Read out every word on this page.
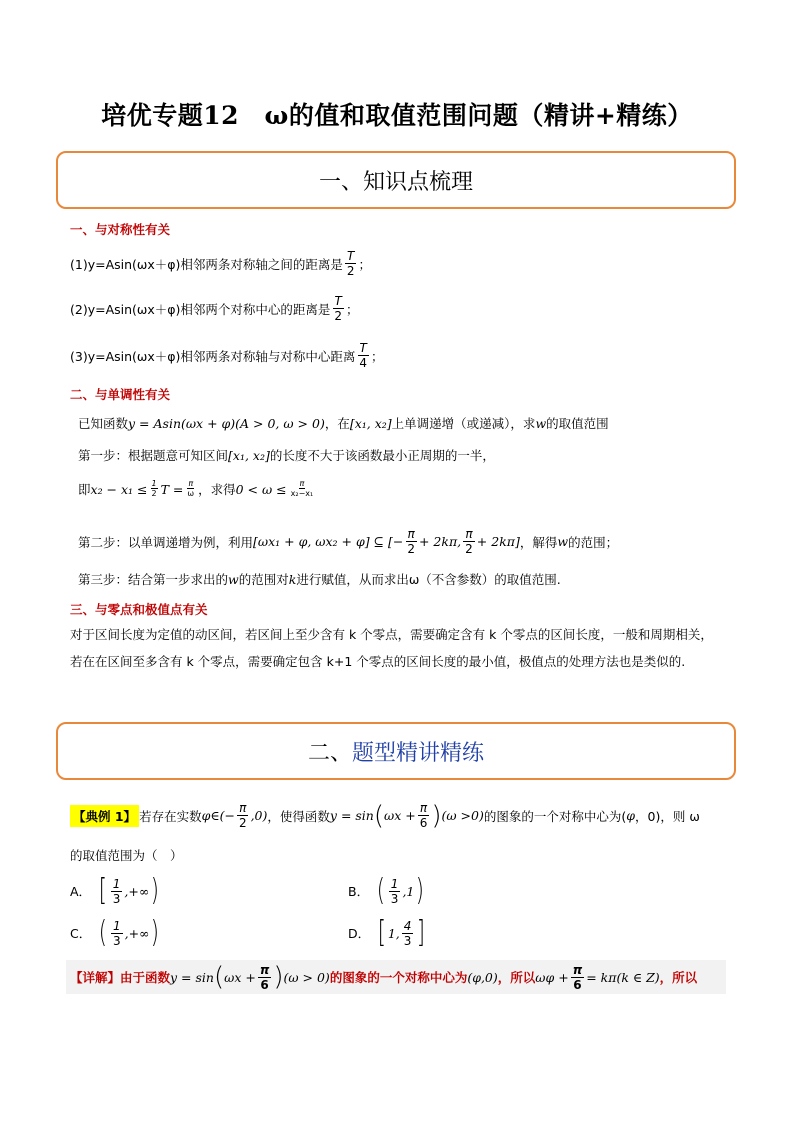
培优专题12　ω的值和取值范围问题（精讲+精练）
一、知识点梳理
一、与对称性有关
(1)y=Asin(ωx＋φ)相邻两条对称轴之间的距离是 $\frac{T}{2}$ ；
(2)y=Asin(ωx＋φ)相邻两个对称中心的距离是 $\frac{T}{2}$ ；
(3)y=Asin(ωx＋φ)相邻两条对称轴与对称中心距离 $\frac{T}{4}$ ；
二、与单调性有关
已知函数 y = Asin(ωx + φ)(A > 0, ω > 0) ，在 [x₁, x₂] 上单调递增（或递减），求 w 的取值范围
第一步：根据题意可知区间 [x₁, x₂] 的长度不大于该函数最小正周期的一半，
即 $x_2 - x_1 \le \frac{1}{2}$ $T = \frac{\pi}{\omega}$ ，求得 $0 < \omega \le \frac{\pi}{\text{x₂−x₁}}$
第二步：以单调递增为例，利用 [ωx₁ + φ, ωx₂ + φ] ⊆ [− $\frac{\pi}{2} + 2k\pi$, $\frac{\pi}{2} + 2k\pi$] ，解得 w 的范围；
第三步：结合第一步求出的 w 的范围对 k 进行赋值，从而求出ω（不含参数）的取值范围.
三、与零点和极值点有关
对于区间长度为定值的动区间，若区间上至少含有 k 个零点，需要确定含有 k 个零点的区间长度，一般和周期相关，若在在区间至多含有 k 个零点，需要确定包含 k+1 个零点的区间长度的最小值，极值点的处理方法也是类似的.
二、 题型精讲精练
【典例 1】 若存在实数 φ∈(− $\frac{\pi}{2} ,0$) ，使得函数 y = sin ( $\omega x + \frac{\pi}{6}$ ) (ω >0) 的图象的一个对称中心为( φ ，0)，则 ω
的取值范围为（　）
A． [ $\frac{1}{3}$ ,+∞ )	B． ( $\frac{1}{3} ,1$ )
C． ( $\frac{1}{3}$ ,+∞ )	D． [ 1, $\frac{4}{3}$ ]
【详解】由于函数 y = sin ( $\omega x + \frac{\pi}{6}$ ) (ω > 0) 的图象的一个对称中心为 (φ,0) ，所以 $\omega\varphi + \frac{\pi}{6} = k\pi$ (k ∈ Z) ，所以
